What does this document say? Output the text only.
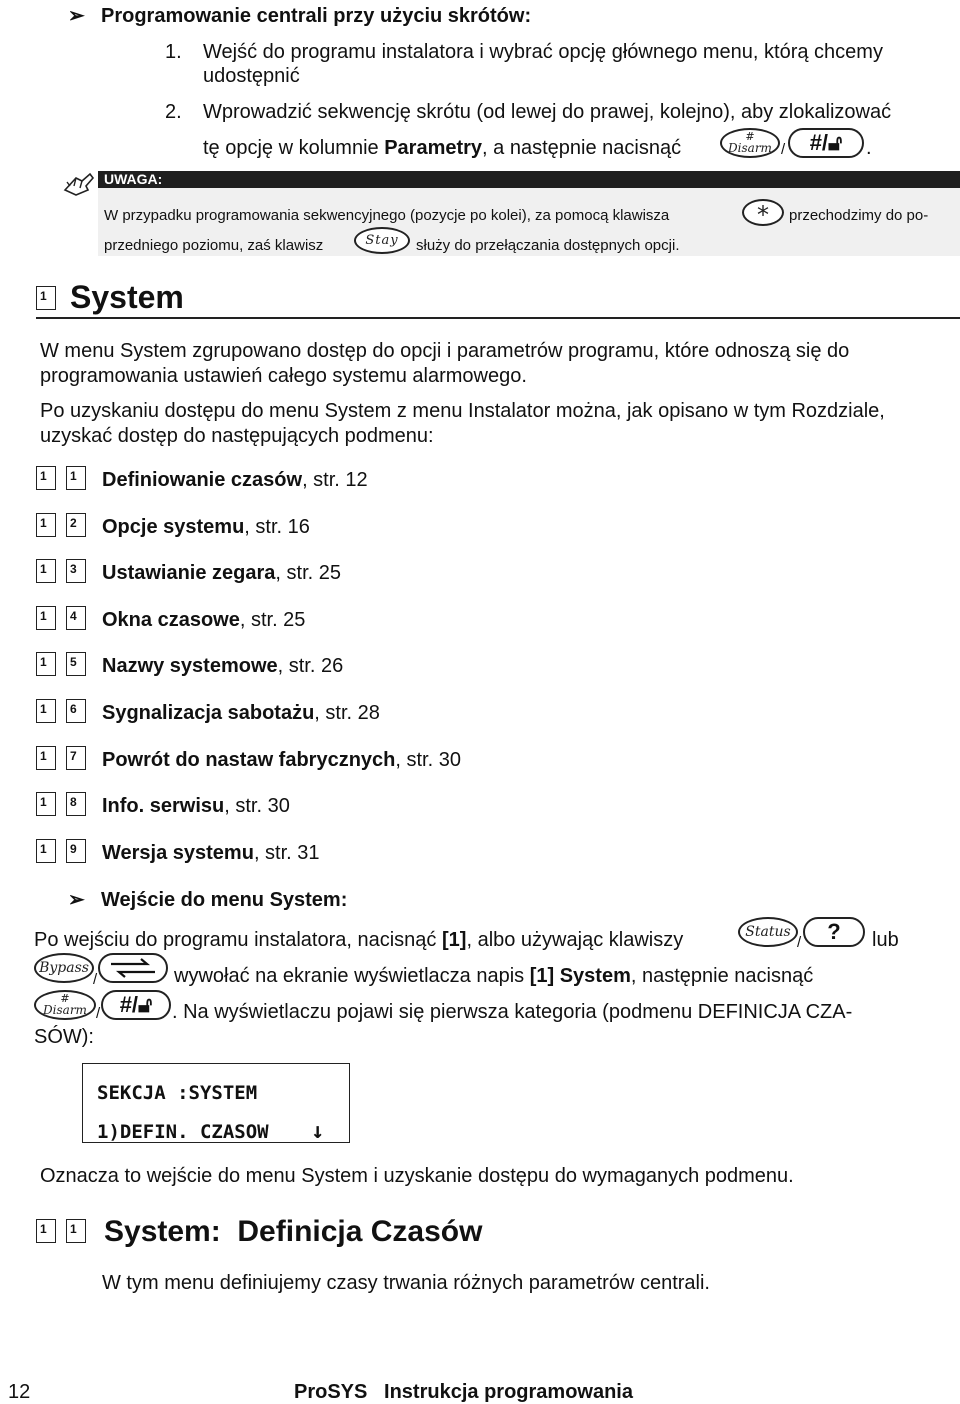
➢ Programowanie centrali przy użyciu skrótów:
1. Wejść do programu instalatora i wybrać opcję głównego menu, którą chcemy
udostępnić
2. Wprowadzić sekwencję skrótu (od lewej do prawej, kolejno), aby zlokalizować
tę opcję w kolumnie Parametry, a następnie nacisnąć
#
Disarm /	#/🔓︎	.
UWAGA:
W przypadku programowania sekwencyjnego (pozycje po kolei), za pomocą klawisza	*	przechodzimy do po-
przedniego poziomu, zaś klawisz	Stay	służy do przełączania dostępnych opcji.
1 System
W menu System zgrupowano dostęp do opcji i parametrów programu, które odnoszą się do
programowania ustawień całego systemu alarmowego.
Po uzyskaniu dostępu do menu System z menu Instalator można, jak opisano w tym Rozdziale,
uzyskać dostęp do następujących podmenu:
1	1	Definiowanie czasów, str. 12
1	2	Opcje systemu, str. 16
1	3	Ustawianie zegara, str. 25
1	4	Okna czasowe, str. 25
1	5	Nazwy systemowe, str. 26
1	6	Sygnalizacja sabotażu, str. 28
1	7	Powrót do nastaw fabrycznych, str. 30
1	8	Info. serwisu, str. 30
1	9	Wersja systemu, str. 31
➢ Wejście do menu System:
Po wejściu do programu instalatora, nacisnąć [1], albo używając klawiszy	Status
/	?	lub
Bypass
/	wywołać na ekranie wyświetlacza napis [1] System, następnie nacisnąć
#
Disarm / #/🔓︎ . Na wyświetlaczu pojawi się pierwsza kategoria (podmenu DEFINICJA CZA-
SÓW):
SEKCJA :SYSTEM
1)DEFIN. CZASOW ↓
Oznacza to wejście do menu System i uzyskanie dostępu do wymaganych podmenu.
1	1 System:  Definicja Czasów
W tym menu definiujemy czasy trwania różnych parametrów centrali.
12	ProSYS   Instrukcja programowania
